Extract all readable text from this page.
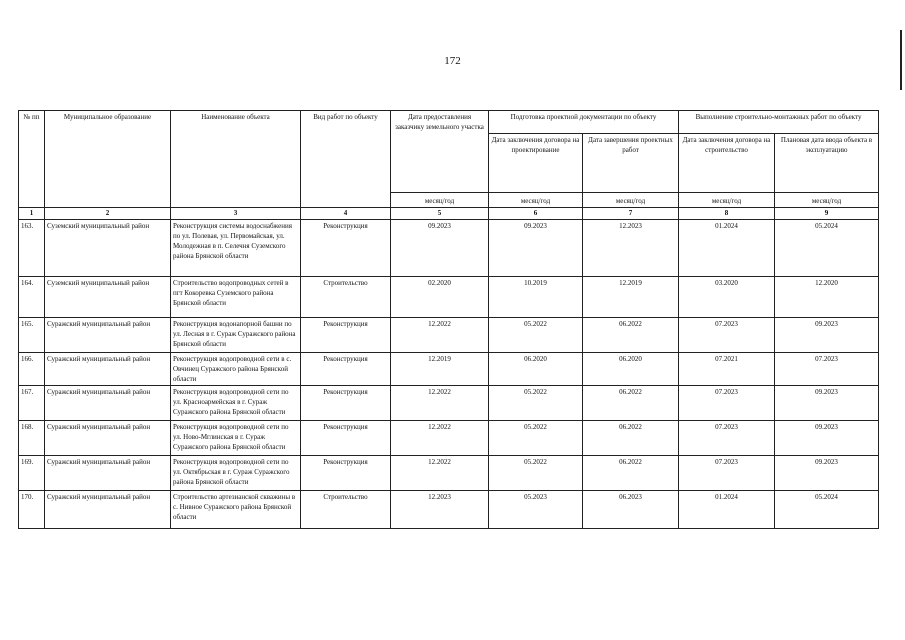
172
№ пп	Муниципальное образование	Наименование объекта	Вид работ по объекту	Дата предоставления заказчику земельного участка	Подготовка проектной документации по объекту		Выполнение строительно-монтажных работ по объекту	
					Дата заключения договора на проектирование	Дата завершения проектных работ	Дата заключения договора на строительство	Плановая дата ввода объекта в эксплуатацию
				месяц/год	месяц/год	месяц/год	месяц/год	месяц/год
1	2	3	4	5	6	7	8	9
163.	Суземский муниципальный район	Реконструкция системы водоснабжения по ул. Полевая, ул. Первомайская, ул. Молодежная в п. Селечня Суземского района Брянской области	Реконструкция	09.2023	09.2023	12.2023	01.2024	05.2024
164.	Суземский муниципальный район	Строительство водопроводных сетей в пгт Кокоревка Суземского района Брянской области	Строительство	02.2020	10.2019	12.2019	03.2020	12.2020
165.	Суражский муниципальный район	Реконструкция водонапорной башни по ул. Лесная в г. Сураж Суражского района Брянской области	Реконструкция	12.2022	05.2022	06.2022	07.2023	09.2023
166.	Суражский муниципальный район	Реконструкция водопроводной сети в с. Овчинец Суражского района Брянской области	Реконструкция	12.2019	06.2020	06.2020	07.2021	07.2023
167.	Суражский муниципальный район	Реконструкция водопроводной сети по ул. Красноармейская в г. Сураж Суражского района Брянской области	Реконструкция	12.2022	05.2022	06.2022	07.2023	09.2023
168.	Суражский муниципальный район	Реконструкция водопроводной сети по ул. Ново-Мглинская в г. Сураж Суражского района Брянской области	Реконструкция	12.2022	05.2022	06.2022	07.2023	09.2023
169.	Суражский муниципальный район	Реконструкция водопроводной сети по ул. Октябрьская в г. Сураж Суражского района Брянской области	Реконструкция	12.2022	05.2022	06.2022	07.2023	09.2023
170.	Суражский муниципальный район	Строительство артезианской скважины в с. Нивное Суражского района Брянской области	Строительство	12.2023	05.2023	06.2023	01.2024	05.2024
